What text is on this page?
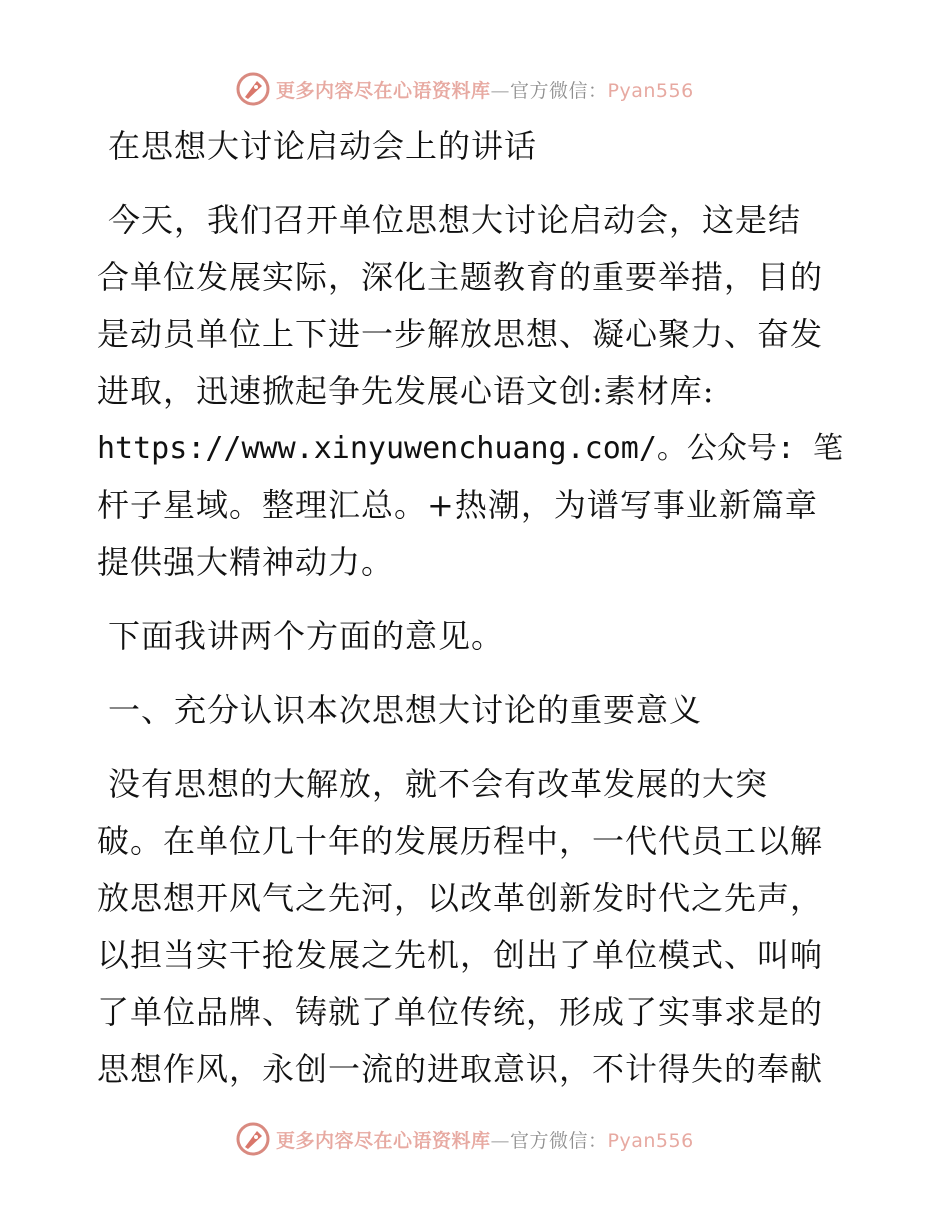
更多内容尽在心语资料库—官方微信：Pyan556
在思想大讨论启动会上的讲话
今天，我们召开单位思想大讨论启动会，这是结
合单位发展实际，深化主题教育的重要举措，目的
是动员单位上下进一步解放思想、凝心聚力、奋发
进取，迅速掀起争先发展心语文创:素材库:
https://www.xinyuwenchuang.com/。公众号: 笔
杆子星域。整理汇总。+热潮，为谱写事业新篇章
提供强大精神动力。
下面我讲两个方面的意见。
一、充分认识本次思想大讨论的重要意义
没有思想的大解放，就不会有改革发展的大突
破。在单位几十年的发展历程中，一代代员工以解
放思想开风气之先河，以改革创新发时代之先声，
以担当实干抢发展之先机，创出了单位模式、叫响
了单位品牌、铸就了单位传统，形成了实事求是的
思想作风，永创一流的进取意识，不计得失的奉献
更多内容尽在心语资料库—官方微信：Pyan556
